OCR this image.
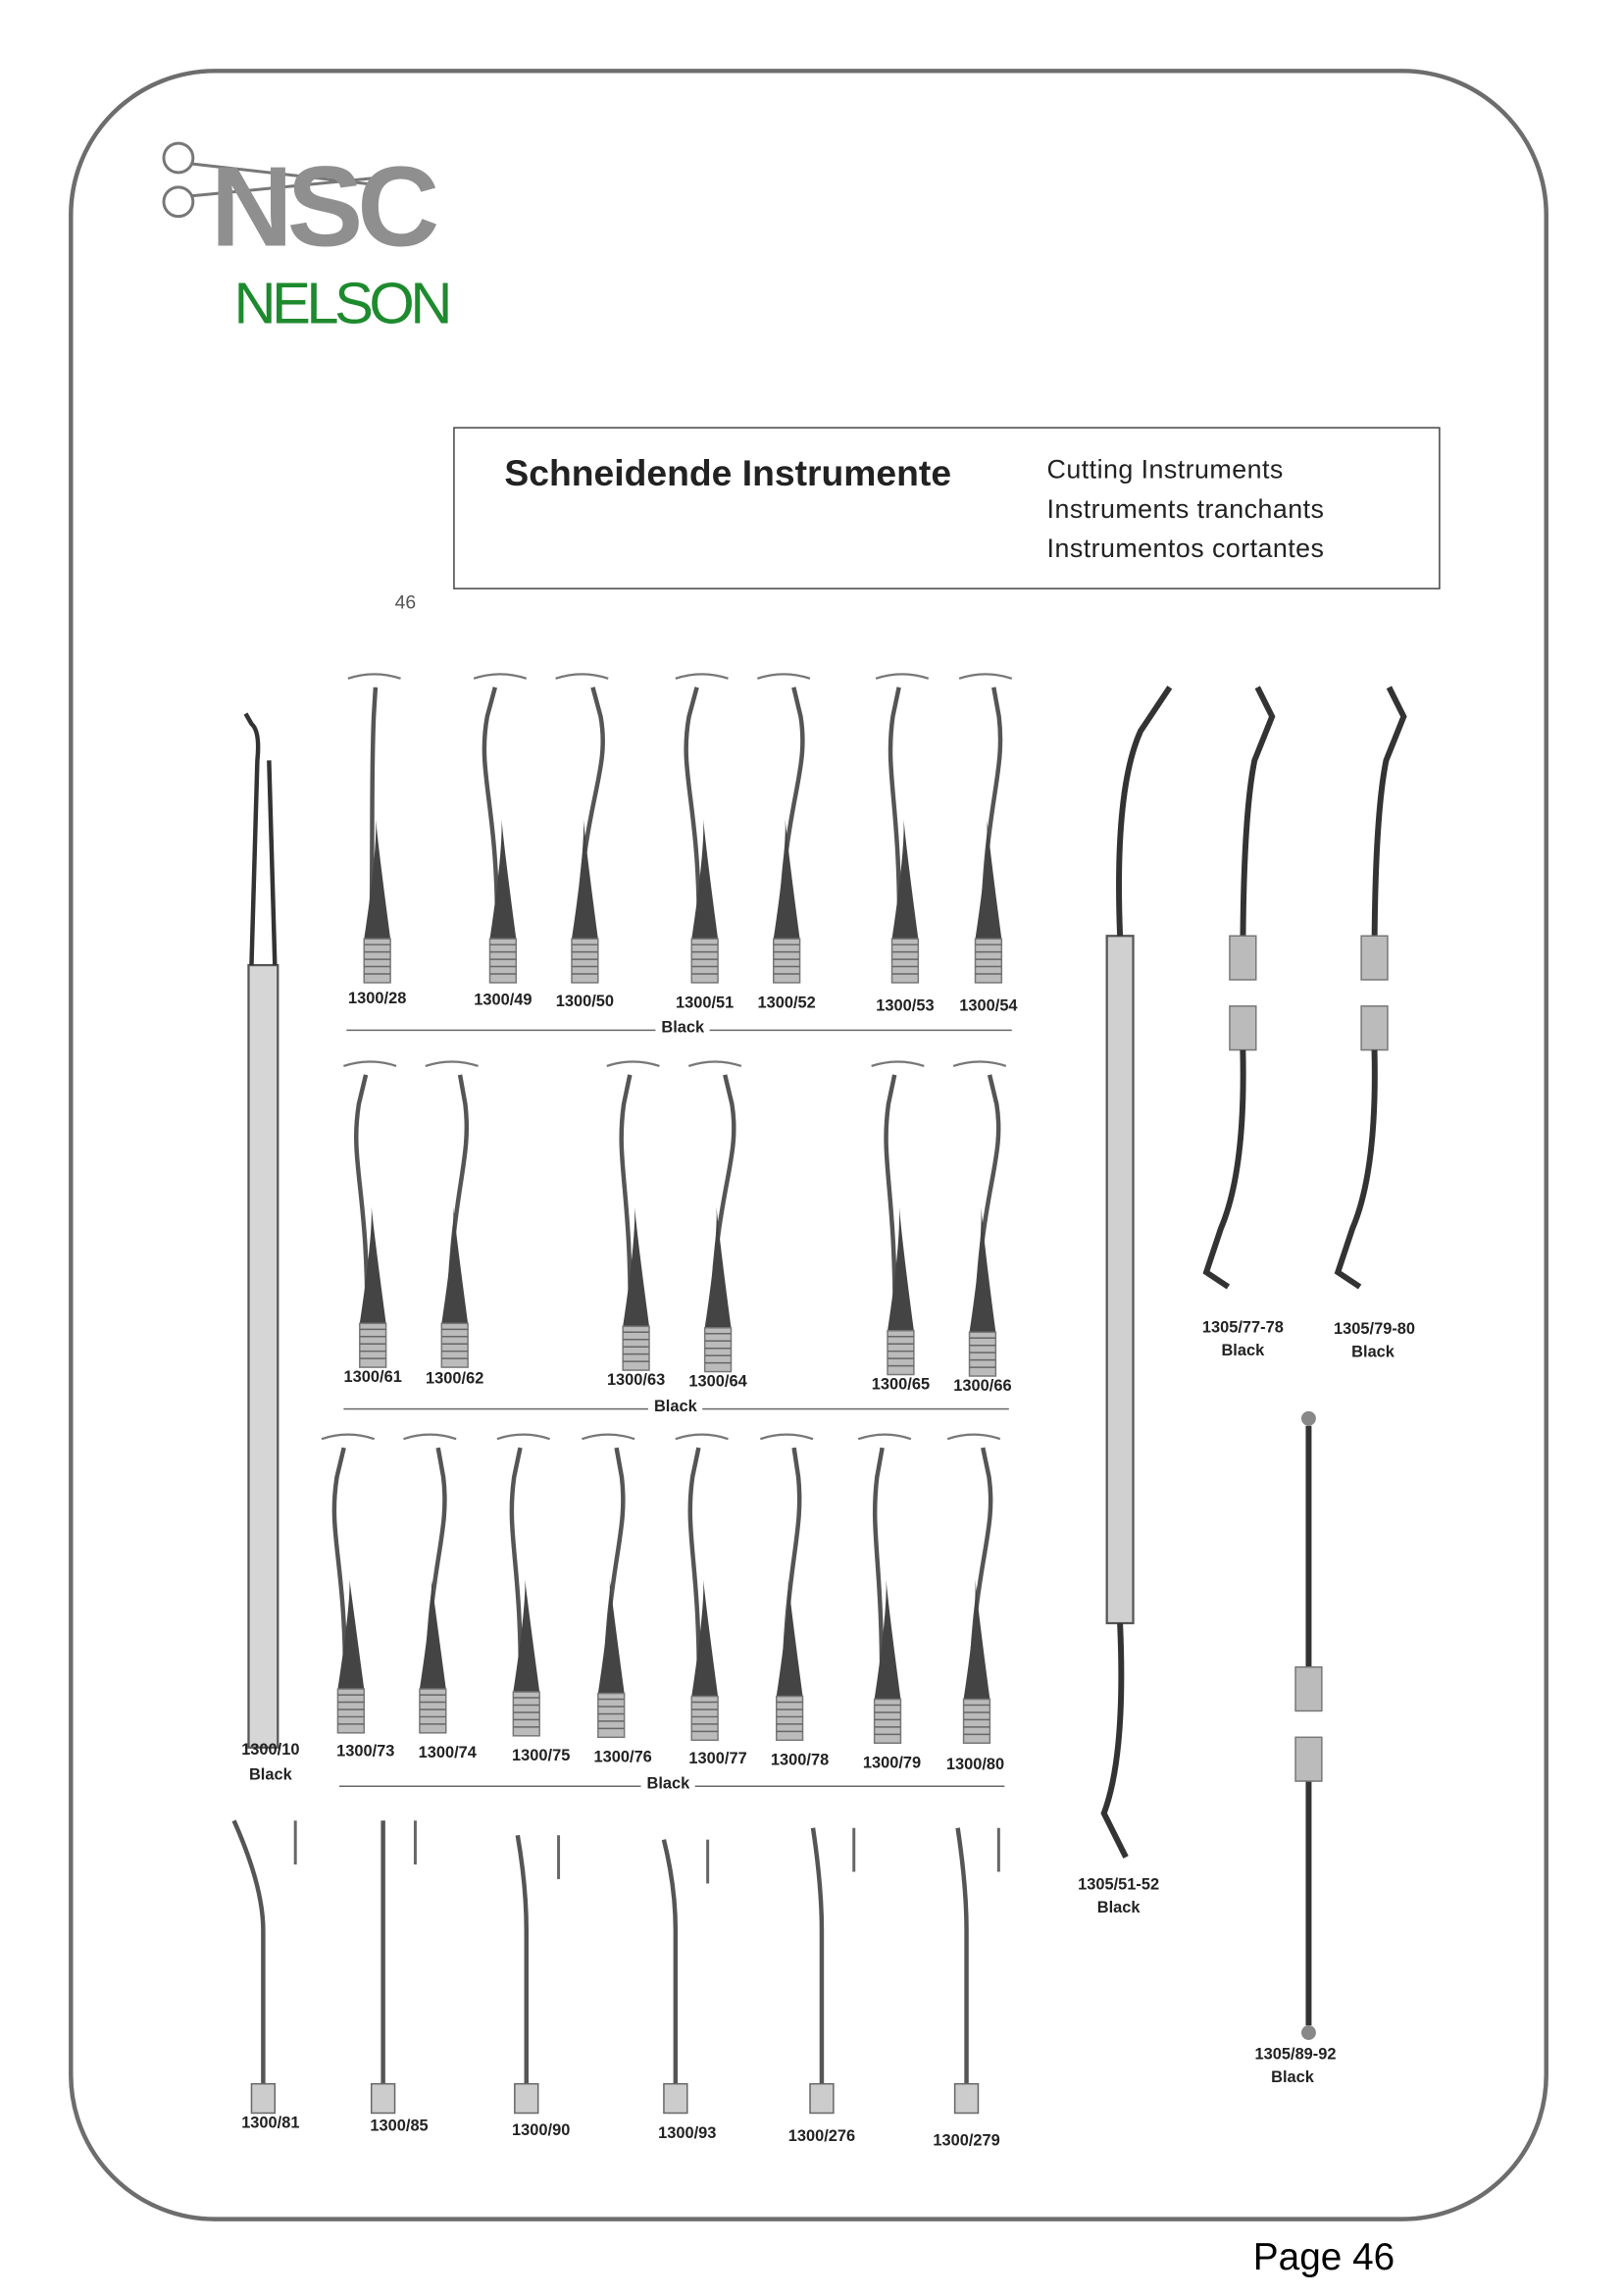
NSC
NELSON
Schneidende Instrumente	Cutting Instruments
Instruments tranchants
Instrumentos cortantes
46
1300/28	1300/49 1300/50	1300/51 1300/52	1300/53 1300/54
Black
1300/61 1300/62	1300/63 1300/64	1300/65 1300/66
Black
1300/73 1300/74	1300/75 1300/76	1300/77 1300/78	1300/79 1300/80
Black
1300/10
Black
1305/77-78
Black
1305/79-80
Black
1305/51-52
Black
1305/89-92
Black
1300/81	1300/85	1300/90	1300/93	1300/276	1300/279
Page 46
